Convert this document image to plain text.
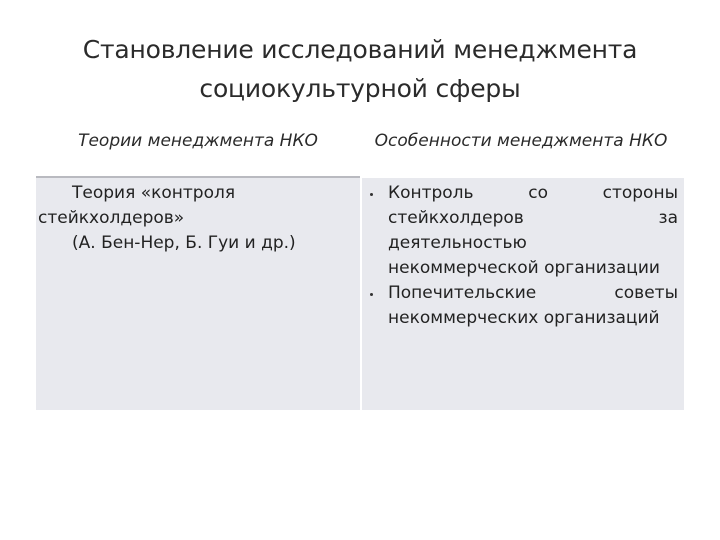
Становление исследований менеджмента
социокультурной сферы
Теории менеджмента НКО	Особенности менеджмента НКО
Теория «контроля
стейкхолдеров»
(А. Бен-Нер, Б. Гуи и др.)
Контроль со стороны стейкхолдеров за деятельностью некоммерческой организации
Попечительские советы некоммерческих организаций
